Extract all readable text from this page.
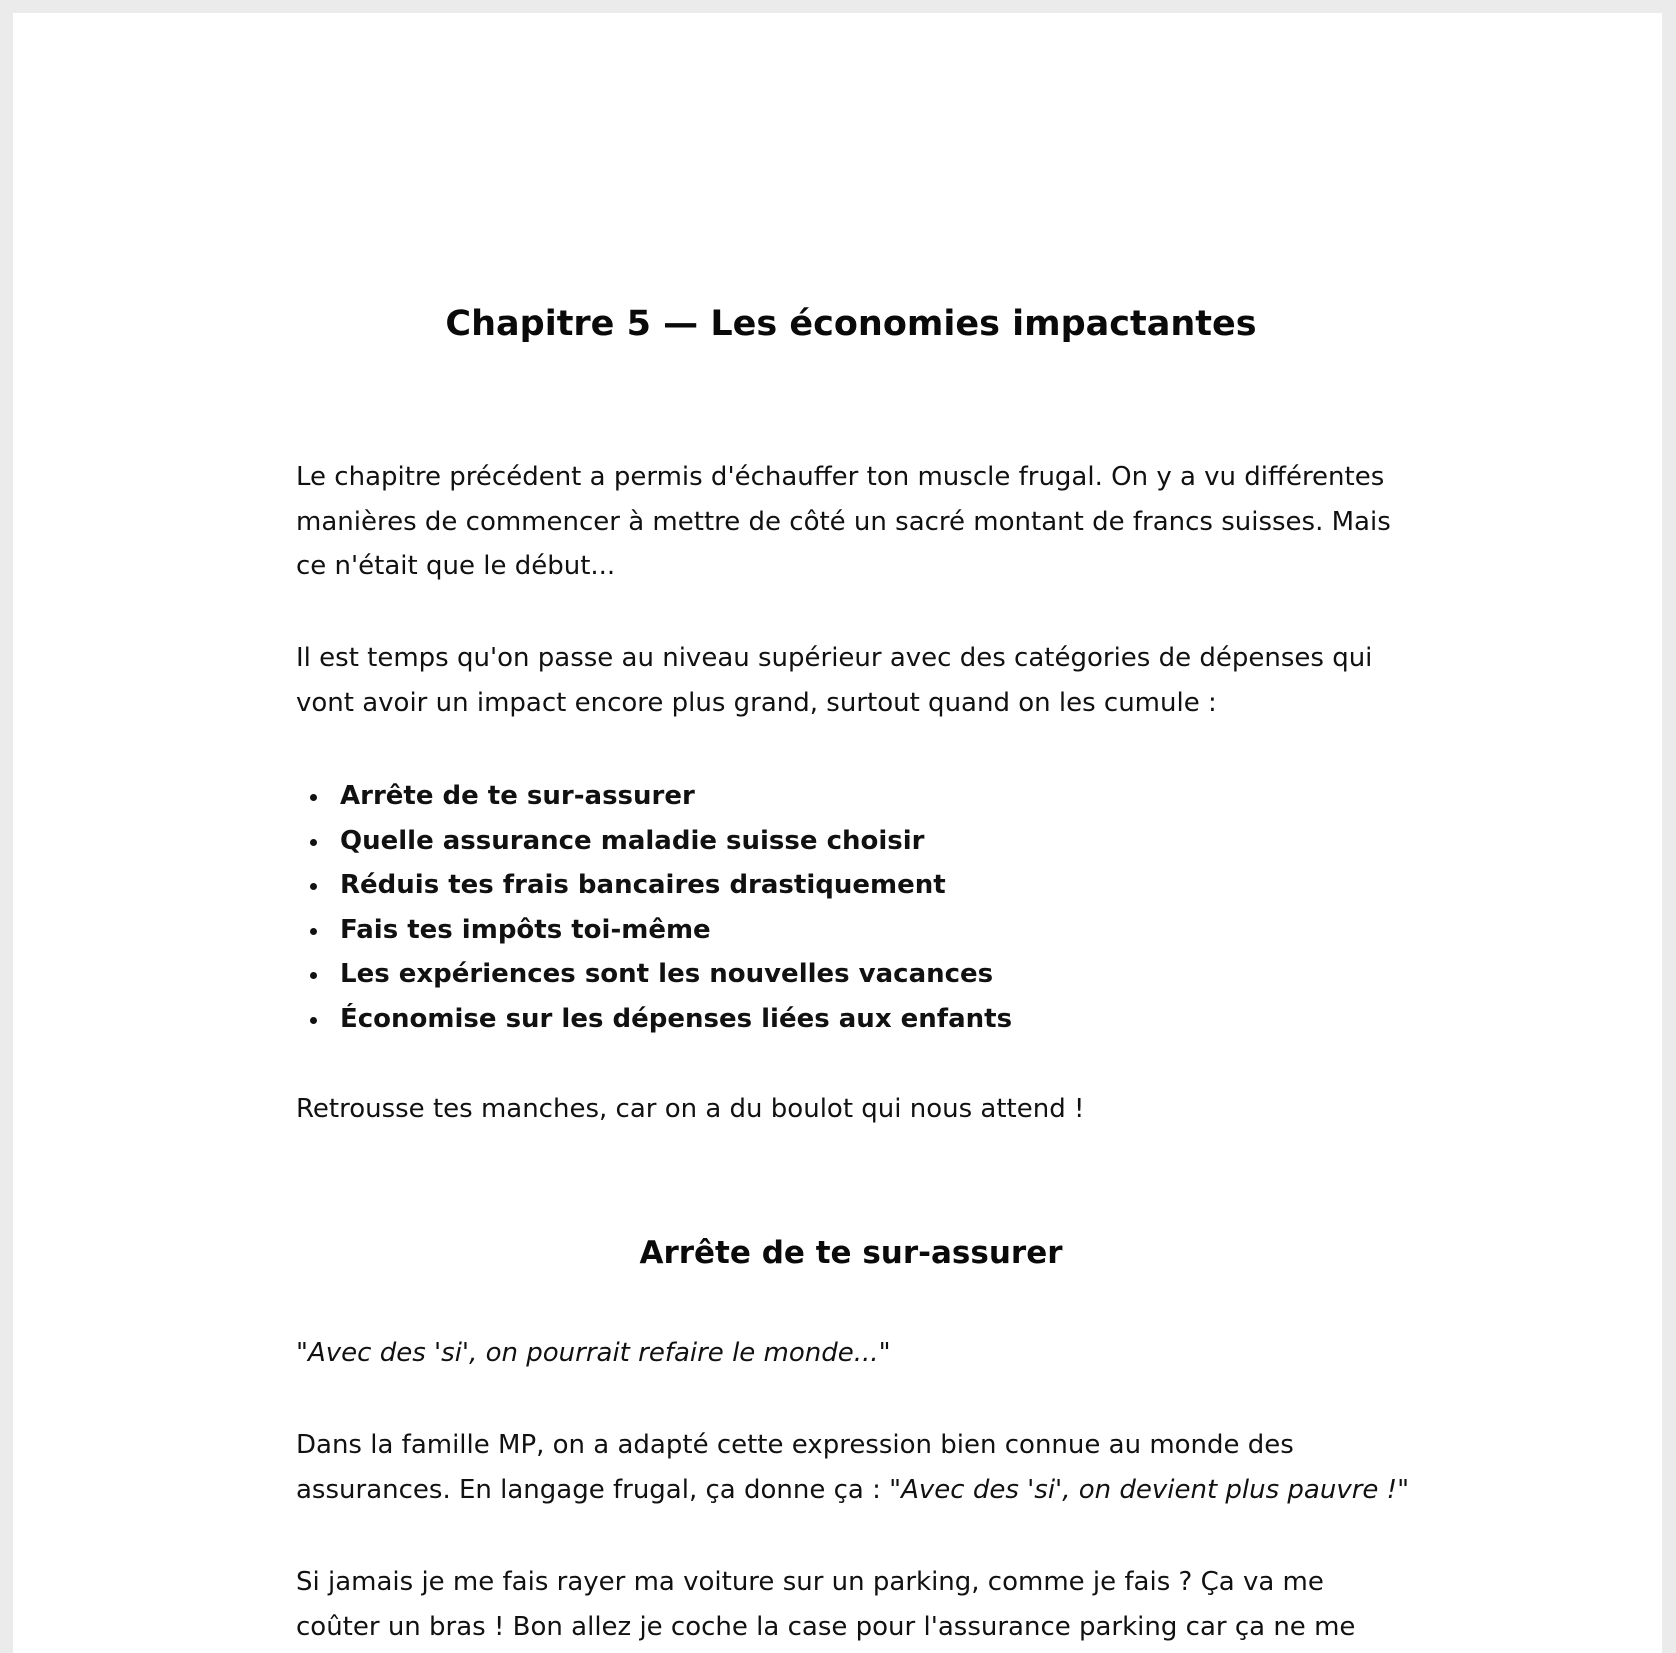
Chapitre 5 — Les économies impactantes

Le chapitre précédent a permis d'échauffer ton muscle frugal. On y a vu différentes
manières de commencer à mettre de côté un sacré montant de francs suisses. Mais
ce n'était que le début...

Il est temps qu'on passe au niveau supérieur avec des catégories de dépenses qui
vont avoir un impact encore plus grand, surtout quand on les cumule :

Arrête de te sur-assurer
Quelle assurance maladie suisse choisir
Réduis tes frais bancaires drastiquement
Fais tes impôts toi-même
Les expériences sont les nouvelles vacances
Économise sur les dépenses liées aux enfants

Retrousse tes manches, car on a du boulot qui nous attend !

Arrête de te sur-assurer

"Avec des 'si', on pourrait refaire le monde..."

Dans la famille MP, on a adapté cette expression bien connue au monde des
assurances. En langage frugal, ça donne ça : "Avec des 'si', on devient plus pauvre !"

Si jamais je me fais rayer ma voiture sur un parking, comme je fais ? Ça va me
coûter un bras ! Bon allez je coche la case pour l'assurance parking car ça ne me
